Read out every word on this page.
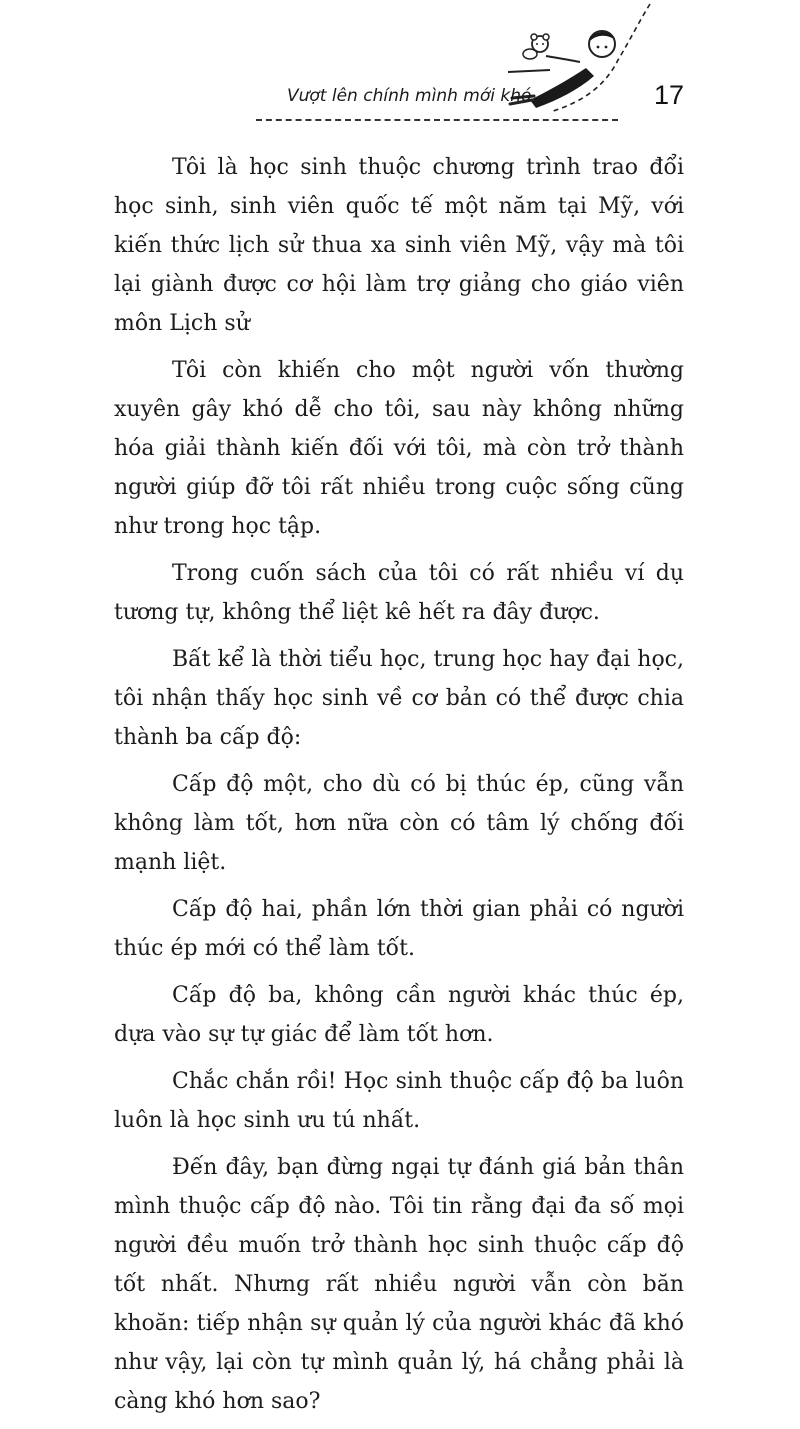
Vượt lên chính mình mới khó	17

Tôi là học sinh thuộc chương trình trao đổi học sinh, sinh viên quốc tế một năm tại Mỹ, với kiến thức lịch sử thua xa sinh viên Mỹ, vậy mà tôi lại giành được cơ hội làm trợ giảng cho giáo viên môn Lịch sử

Tôi còn khiến cho một người vốn thường xuyên gây khó dễ cho tôi, sau này không những hóa giải thành kiến đối với tôi, mà còn trở thành người giúp đỡ tôi rất nhiều trong cuộc sống cũng như trong học tập.

Trong cuốn sách của tôi có rất nhiều ví dụ tương tự, không thể liệt kê hết ra đây được.

Bất kể là thời tiểu học, trung học hay đại học, tôi nhận thấy học sinh về cơ bản có thể được chia thành ba cấp độ:

Cấp độ một, cho dù có bị thúc ép, cũng vẫn không làm tốt, hơn nữa còn có tâm lý chống đối mạnh liệt.

Cấp độ hai, phần lớn thời gian phải có người thúc ép mới có thể làm tốt.

Cấp độ ba, không cần người khác thúc ép, dựa vào sự tự giác để làm tốt hơn.

Chắc chắn rồi! Học sinh thuộc cấp độ ba luôn luôn là học sinh ưu tú nhất.

Đến đây, bạn đừng ngại tự đánh giá bản thân mình thuộc cấp độ nào. Tôi tin rằng đại đa số mọi người đều muốn trở thành học sinh thuộc cấp độ tốt nhất. Nhưng rất nhiều người vẫn còn băn khoăn: tiếp nhận sự quản lý của người khác đã khó như vậy, lại còn tự mình quản lý, há chẳng phải là càng khó hơn sao?
